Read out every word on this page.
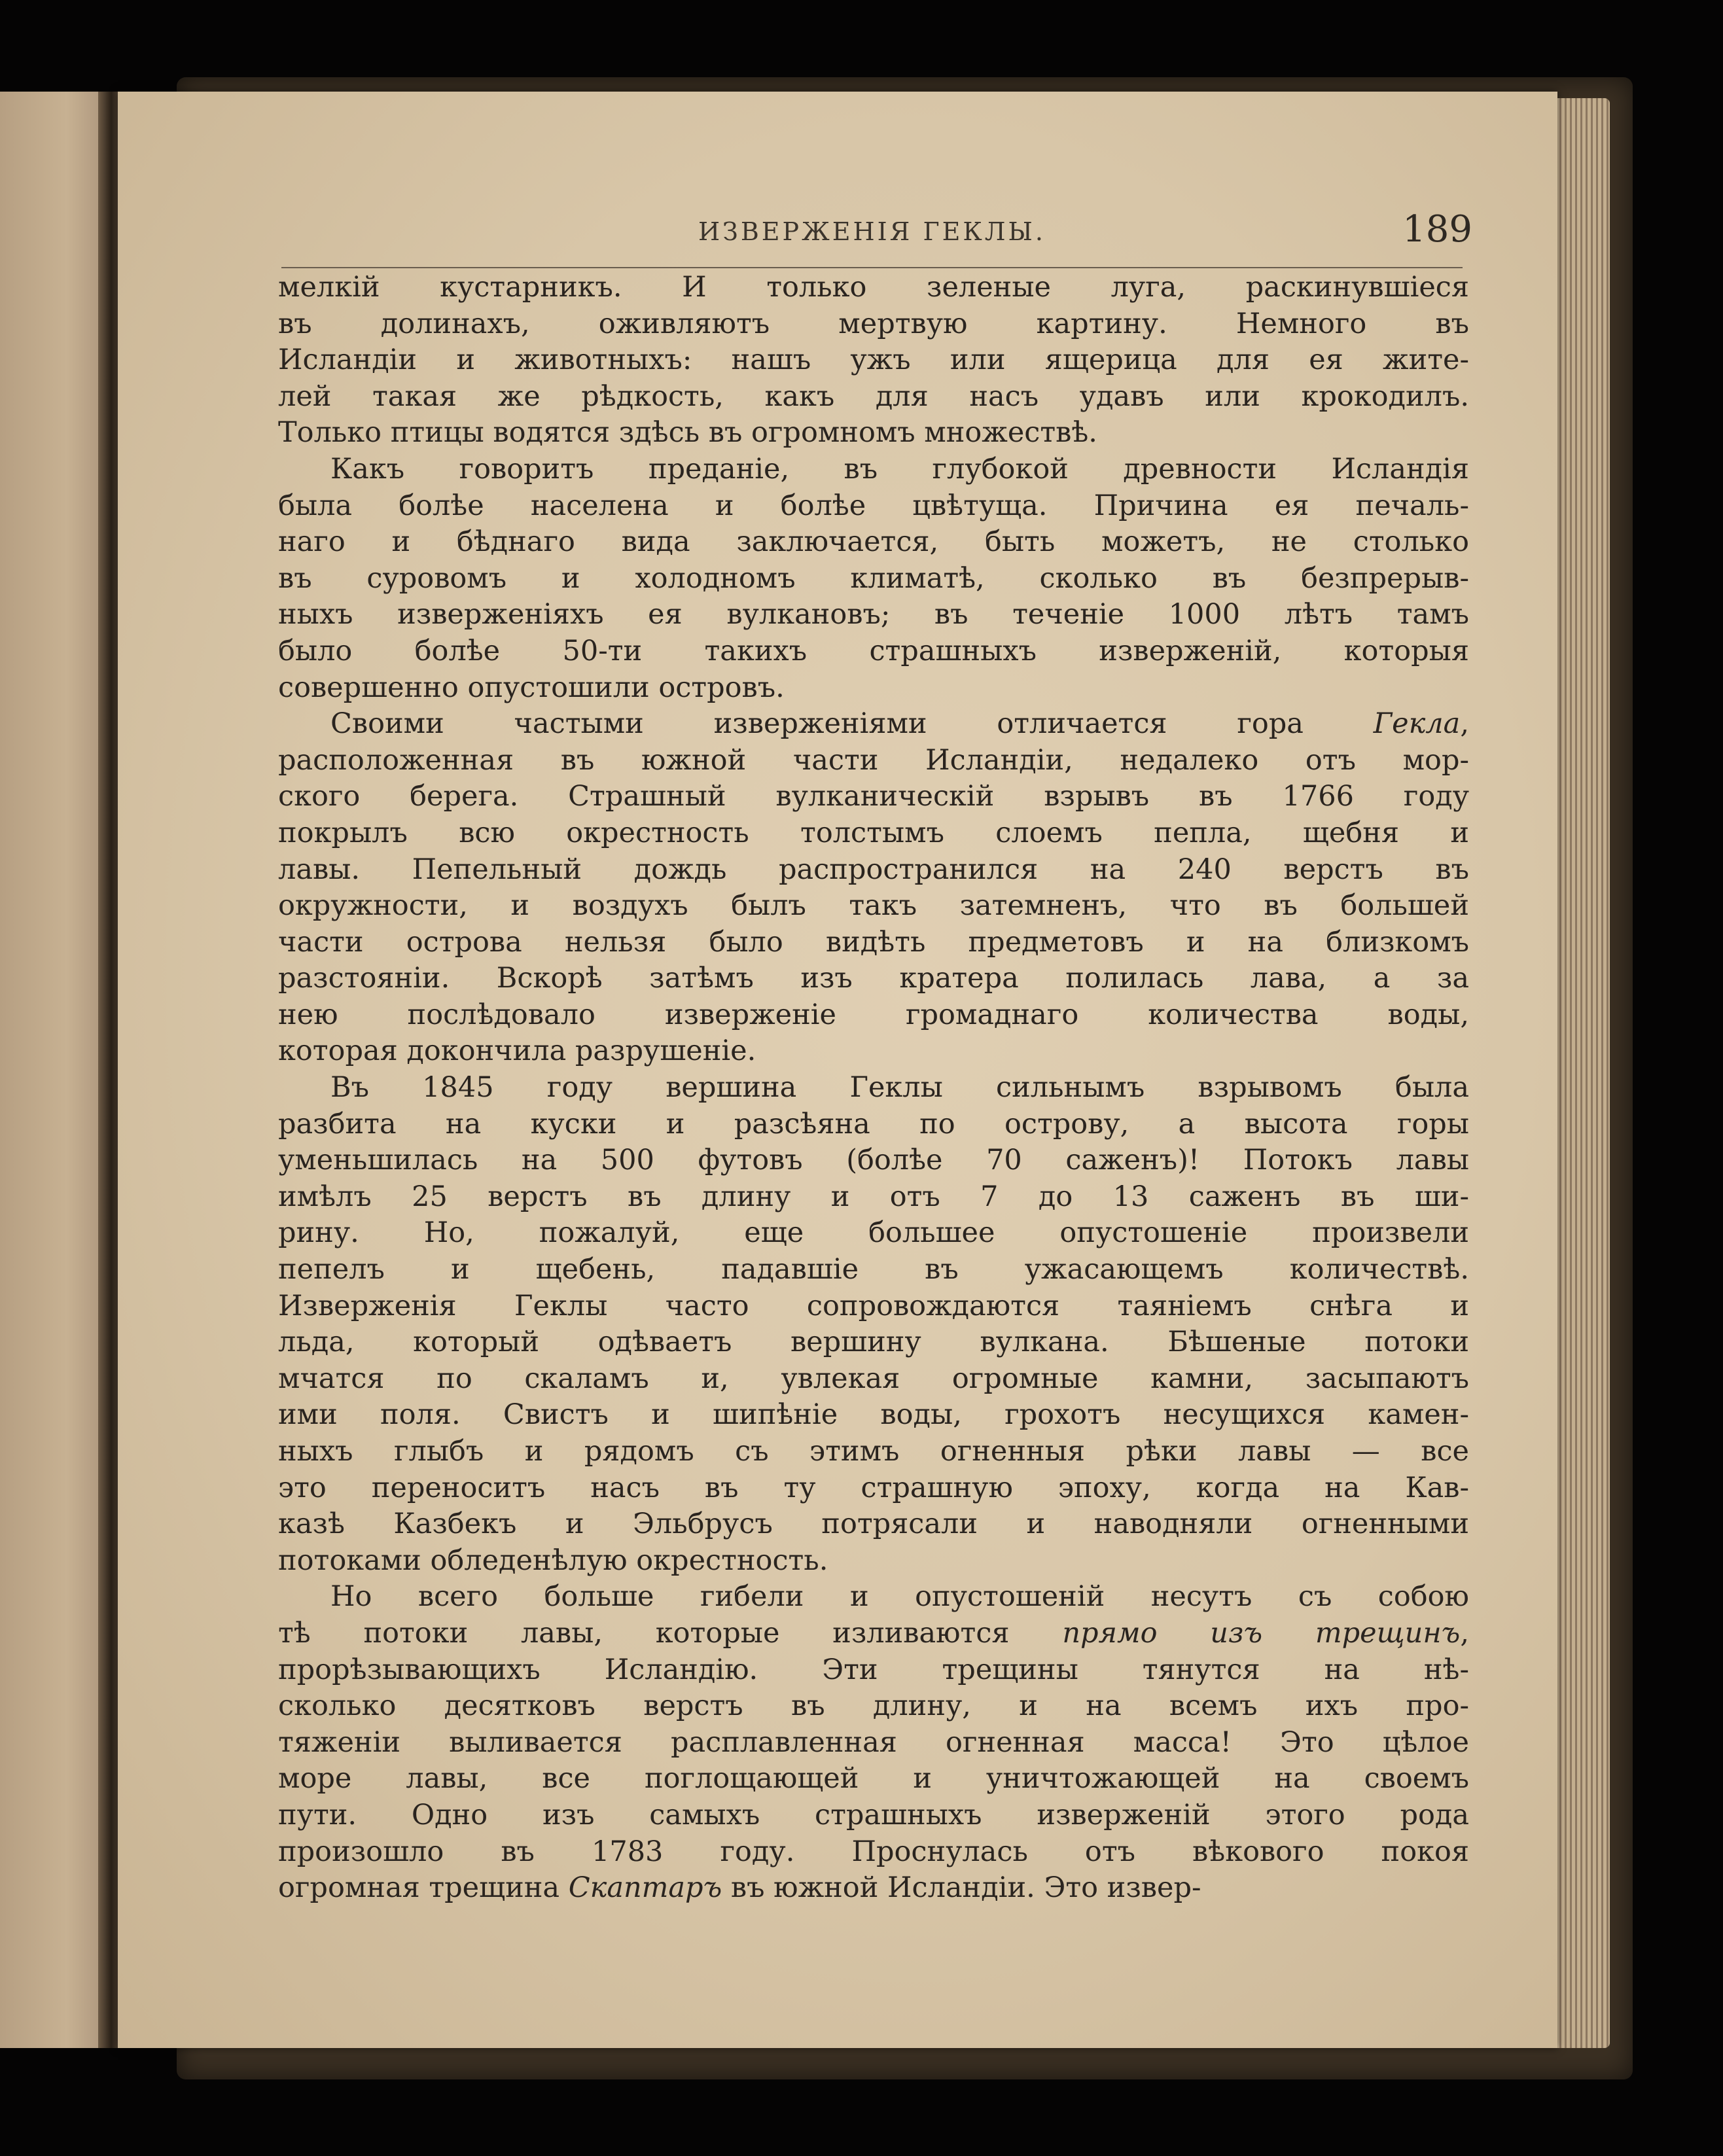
ИЗВЕРЖЕНІЯ ГЕКЛЫ.	189
мелкій кустарникъ. И только зеленые луга, раскинувшіеся
въ долинахъ, оживляютъ мертвую картину. Немного въ
Исландіи и животныхъ: нашъ ужъ или ящерица для ея жите-
лей такая же рѣдкость, какъ для насъ удавъ или крокодилъ.
Только птицы водятся здѣсь въ огромномъ множествѣ.
Какъ говоритъ преданіе, въ глубокой древности Исландія
была болѣе населена и болѣе цвѣтуща. Причина ея печаль-
наго и бѣднаго вида заключается, быть можетъ, не столько
въ суровомъ и холодномъ климатѣ, сколько въ безпрерыв-
ныхъ изверженіяхъ ея вулкановъ; въ теченіе 1000 лѣтъ тамъ
было болѣе 50-ти такихъ страшныхъ изверженій, которыя
совершенно опустошили островъ.
Своими частыми изверженіями отличается гора Гекла,
расположенная въ южной части Исландіи, недалеко отъ мор-
ского берега. Страшный вулканическій взрывъ въ 1766 году
покрылъ всю окрестность толстымъ слоемъ пепла, щебня и
лавы. Пепельный дождь распространился на 240 верстъ въ
окружности, и воздухъ былъ такъ затемненъ, что въ большей
части острова нельзя было видѣть предметовъ и на близкомъ
разстояніи. Вскорѣ затѣмъ изъ кратера полилась лава, а за
нею послѣдовало изверженіе громаднаго количества воды,
которая докончила разрушеніе.
Въ 1845 году вершина Геклы сильнымъ взрывомъ была
разбита на куски и разсѣяна по острову, а высота горы
уменьшилась на 500 футовъ (болѣе 70 саженъ)! Потокъ лавы
имѣлъ 25 верстъ въ длину и отъ 7 до 13 саженъ въ ши-
рину. Но, пожалуй, еще большее опустошеніе произвели
пепелъ и щебень, падавшіе въ ужасающемъ количествѣ.
Изверженія Геклы часто сопровождаются таяніемъ снѣга и
льда, который одѣваетъ вершину вулкана. Бѣшеные потоки
мчатся по скаламъ и, увлекая огромные камни, засыпаютъ
ими поля. Свистъ и шипѣніе воды, грохотъ несущихся камен-
ныхъ глыбъ и рядомъ съ этимъ огненныя рѣки лавы — все
это переноситъ насъ въ ту страшную эпоху, когда на Кав-
казѣ Казбекъ и Эльбрусъ потрясали и наводняли огненными
потоками обледенѣлую окрестность.
Но всего больше гибели и опустошеній несутъ съ собою
тѣ потоки лавы, которые изливаются прямо изъ трещинъ,
прорѣзывающихъ Исландію. Эти трещины тянутся на нѣ-
сколько десятковъ верстъ въ длину, и на всемъ ихъ про-
тяженіи выливается расплавленная огненная масса! Это цѣлое
море лавы, все поглощающей и уничтожающей на своемъ
пути. Одно изъ самыхъ страшныхъ изверженій этого рода
произошло въ 1783 году. Проснулась отъ вѣкового покоя
огромная трещина Скаптаръ въ южной Исландіи. Это извер-
